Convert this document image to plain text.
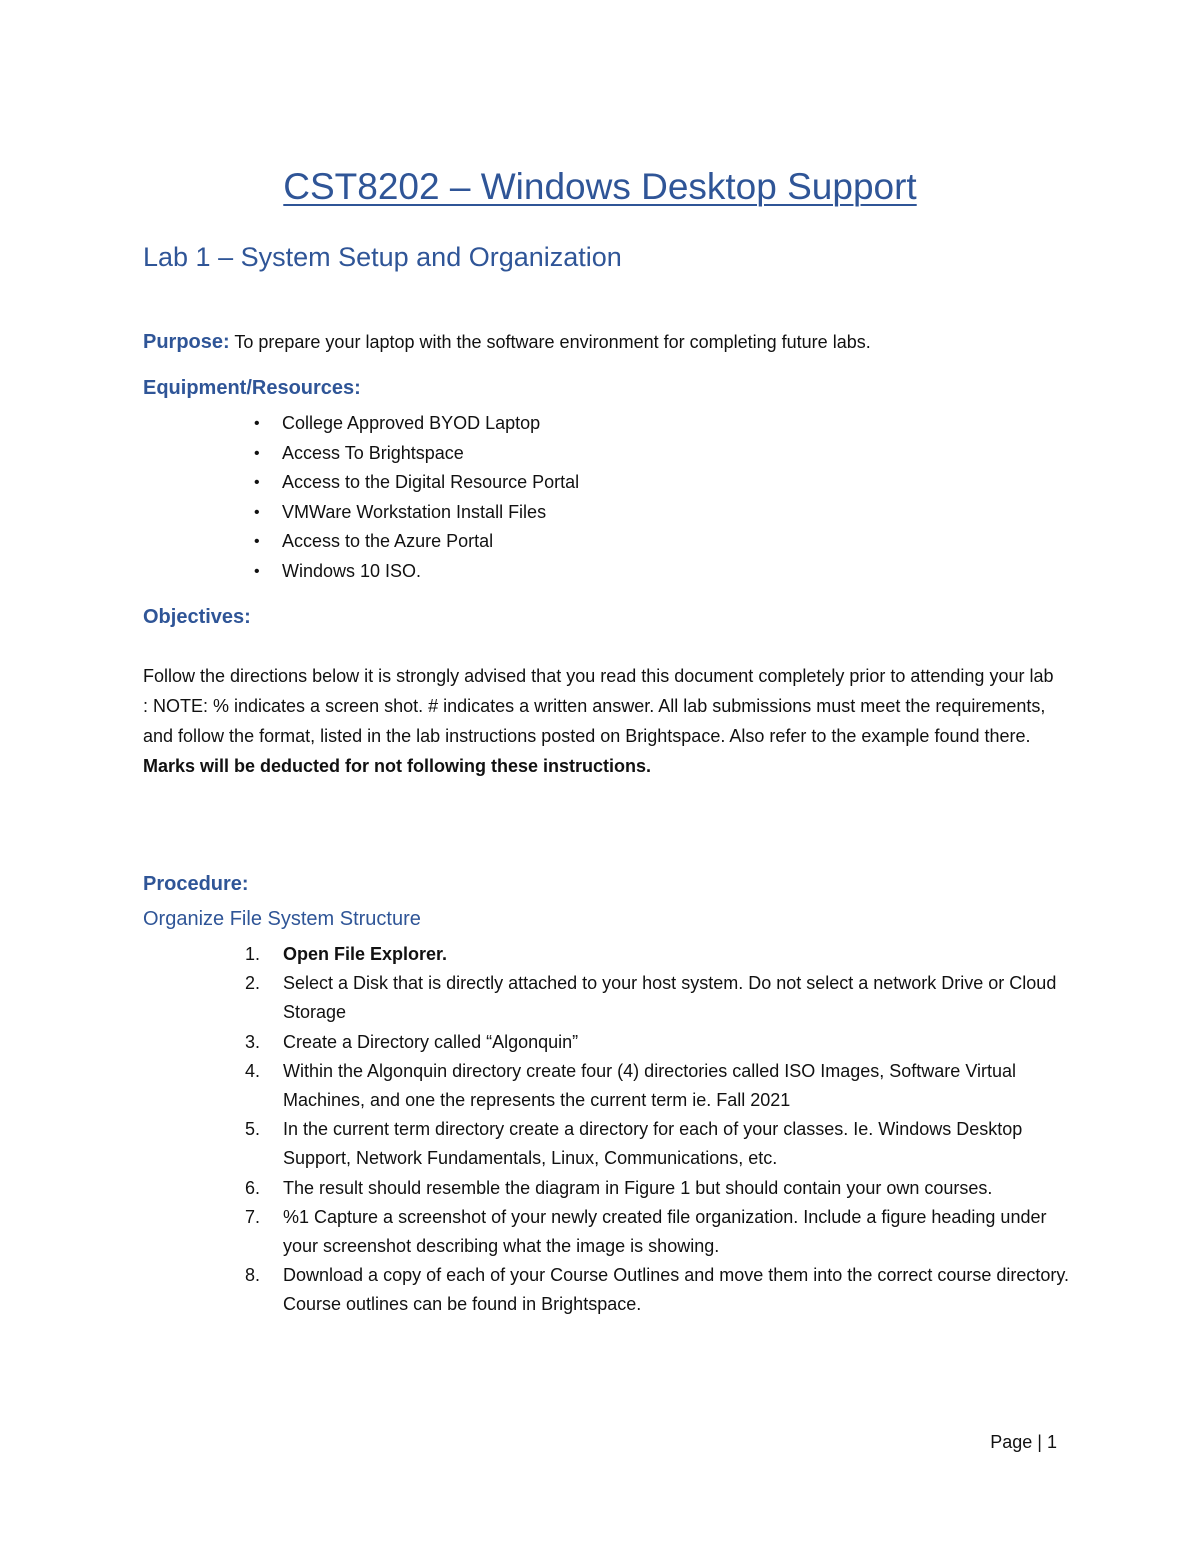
CST8202 – Windows Desktop Support
Lab 1 – System Setup and Organization

Purpose: To prepare your laptop with the software environment for completing future labs.

Equipment/Resources:
• College Approved BYOD Laptop
• Access To Brightspace
• Access to the Digital Resource Portal
• VMWare Workstation Install Files
• Access to the Azure Portal
• Windows 10 ISO.
Objectives:

Follow the directions below it is strongly advised that you read this document completely prior to attending your lab : NOTE: % indicates a screen shot. # indicates a written answer. All lab submissions must meet the requirements, and follow the format, listed in the lab instructions posted on Brightspace. Also refer to the example found there. Marks will be deducted for not following these instructions.

Procedure:
Organize File System Structure
1. Open File Explorer.
2. Select a Disk that is directly attached to your host system. Do not select a network Drive or Cloud Storage
3. Create a Directory called “Algonquin”
4. Within the Algonquin directory create four (4) directories called ISO Images, Software Virtual Machines, and one the represents the current term ie. Fall 2021
5. In the current term directory create a directory for each of your classes. Ie. Windows Desktop Support, Network Fundamentals, Linux, Communications, etc.
6. The result should resemble the diagram in Figure 1 but should contain your own courses.
7. %1 Capture a screenshot of your newly created file organization. Include a figure heading under your screenshot describing what the image is showing.
8. Download a copy of each of your Course Outlines and move them into the correct course directory. Course outlines can be found in Brightspace.

Page | 1
